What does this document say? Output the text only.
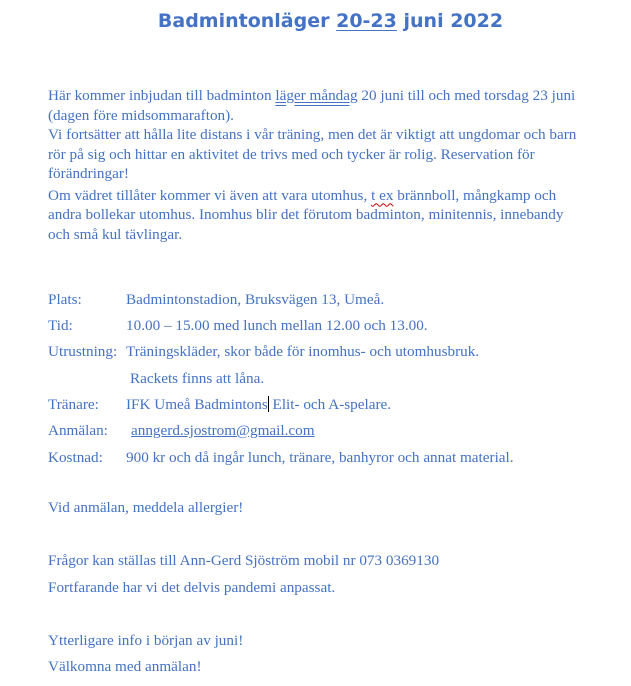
Badmintonläger 20-23 juni 2022

Här kommer inbjudan till badminton läger måndag 20 juni till och med torsdag 23 juni (dagen före midsommarafton).

Vi fortsätter att hålla lite distans i vår träning, men det är viktigt att ungdomar och barn rör på sig och hittar en aktivitet de trivs med och tycker är rolig. Reservation för förändringar!

Om vädret tillåter kommer vi även att vara utomhus, t ex brännboll, mångkamp och andra bollekar utomhus. Inomhus blir det förutom badminton, minitennis, innebandy och små kul tävlingar.

Plats:	Badmintonstadion, Bruksvägen 13, Umeå.
Tid:	10.00 – 15.00 med lunch mellan 12.00 och 13.00.
Utrustning: Träningskläder, skor både för inomhus- och utomhusbruk.
Rackets finns att låna.
Tränare: IFK Umeå Badmintons Elit- och A-spelare.
Anmälan: anngerd.sjostrom@gmail.com
Kostnad: 900 kr och då ingår lunch, tränare, banhyror och annat material.
Vid anmälan, meddela allergier!
Frågor kan ställas till Ann-Gerd Sjöström mobil nr 073 0369130
Fortfarande har vi det delvis pandemi anpassat.
Ytterligare info i början av juni!
Välkomna med anmälan!
